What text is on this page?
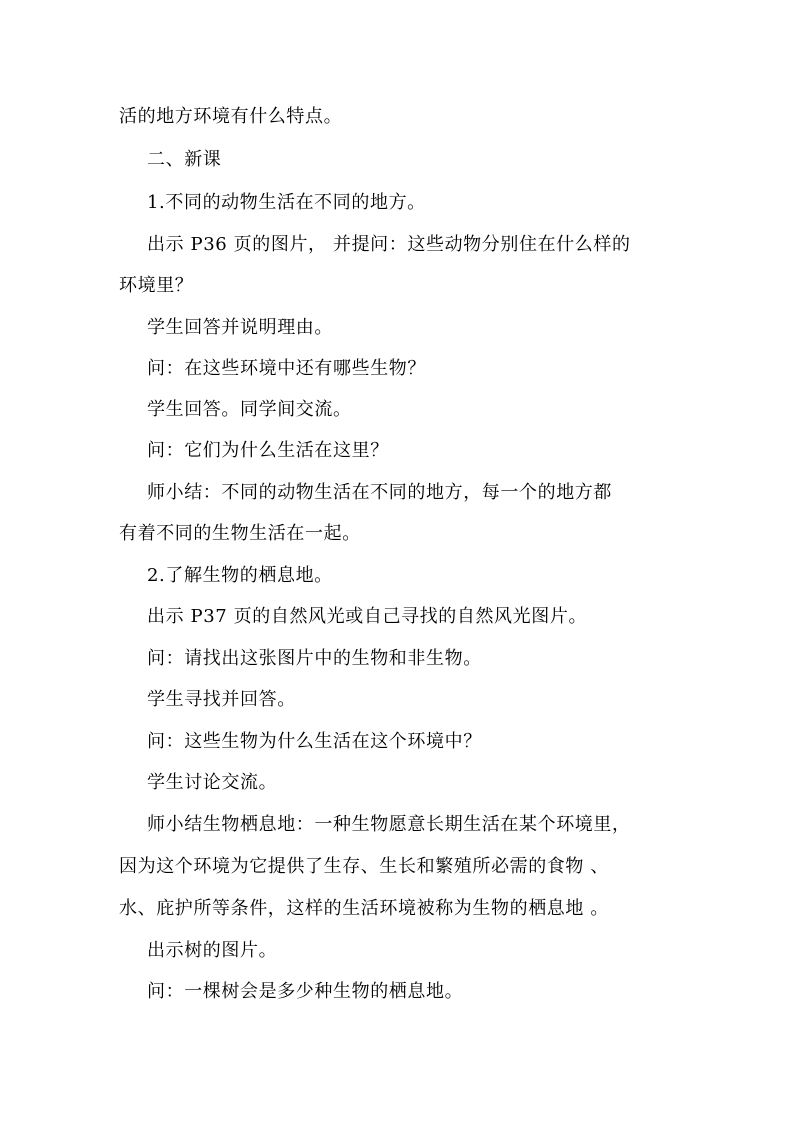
活的地方环境有什么特点。
二、新课
1.不同的动物生活在不同的地方。
出示 P36 页的图片， 并提问：这些动物分别住在什么样的
环境里？
学生回答并说明理由。
问：在这些环境中还有哪些生物？
学生回答。同学间交流。
问：它们为什么生活在这里？
师小结：不同的动物生活在不同的地方，每一个的地方都
有着不同的生物生活在一起。
2.了解生物的栖息地。
出示 P37 页的自然风光或自己寻找的自然风光图片。
问：请找出这张图片中的生物和非生物。
学生寻找并回答。
问：这些生物为什么生活在这个环境中？
学生讨论交流。
师小结生物栖息地：一种生物愿意长期生活在某个环境里，
因为这个环境为它提供了生存、生长和繁殖所必需的食物 、
水、庇护所等条件，这样的生活环境被称为生物的栖息地 。
出示树的图片。
问：一棵树会是多少种生物的栖息地。
